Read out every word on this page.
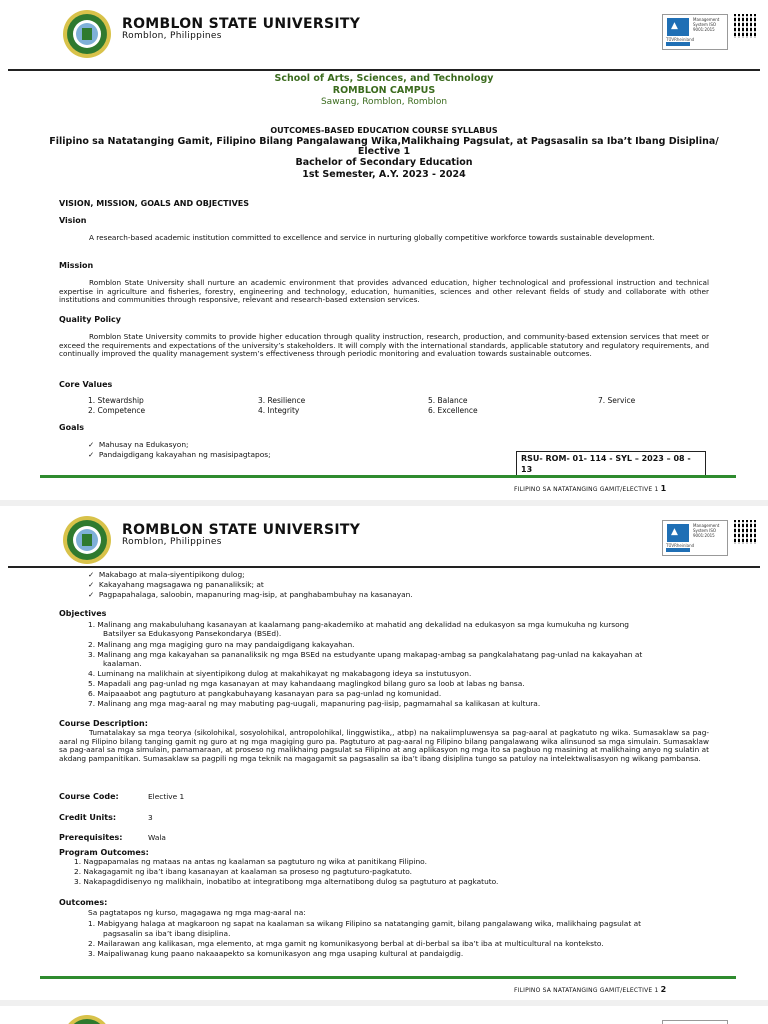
ROMBLON STATE UNIVERSITY
Romblon, Philippines
▲
TÜVRheinland
Management System ISO 9001:2015
School of Arts, Sciences, and Technology
ROMBLON CAMPUS
Sawang, Romblon, Romblon
OUTCOMES-BASED EDUCATION COURSE SYLLABUS
Filipino sa Natatanging Gamit, Filipino Bilang Pangalawang Wika,Malikhaing Pagsulat, at Pagsasalin sa Iba’t Ibang Disiplina/
Elective 1
Bachelor of Secondary Education
1st Semester, A.Y. 2023 - 2024
VISION, MISSION, GOALS AND OBJECTIVES
Vision
A research-based academic institution committed to excellence and service in nurturing globally competitive workforce towards sustainable development.
Mission
Romblon State University shall nurture an academic environment that provides advanced education, higher technological and professional instruction and technical expertise in agriculture and fisheries, forestry, engineering and technology, education, humanities, sciences and other relevant fields of study and collaborate with other institutions and communities through responsive, relevant and research-based extension services.
Quality Policy
Romblon State University commits to provide higher education through quality instruction, research, production, and community-based extension services that meet or exceed the requirements and expectations of the university’s stakeholders. It will comply with the international standards, applicable statutory and regulatory requirements, and continually improved the quality management system’s effectiveness through periodic monitoring and evaluation towards sustainable outcomes.
Core Values
1. Stewardship
2. Competence
3. Resilience
4. Integrity
5. Balance
6. Excellence
7. Service
Goals
✓  Mahusay na Edukasyon;
✓  Pandaigdigang kakayahan ng masisipagtapos;	RSU- ROM- 01- 114 - SYL – 2023 – 08 - 13
FILIPINO SA NATATANGING GAMIT/ELECTIVE 1 1
ROMBLON STATE UNIVERSITY
Romblon, Philippines
▲
TÜVRheinland
Management System ISO 9001:2015
✓  Makabago at mala-siyentipikong dulog;
✓  Kakayahang magsagawa ng pananaliksik; at
✓  Pagpapahalaga, saloobin, mapanuring mag-isip, at panghabambuhay na kasanayan.
Objectives
1. Malinang ang makabuluhang kasanayan at kaalamang pang-akademiko at mahatid ang dekalidad na edukasyon sa mga kumukuha ng kursong
Batsilyer sa Edukasyong Pansekondarya (BSEd).
2. Malinang ang mga magiging guro na may pandaigdigang kakayahan.
3. Malinang ang mga kakayahan sa pananaliksik ng mga BSEd na estudyante upang makapag-ambag sa pangkalahatang pag-unlad na kakayahan at
kaalaman.
4. Luminang na malikhain at siyentipikong dulog at makahikayat ng makabagong ideya sa instutusyon.
5. Mapadali ang pag-unlad ng mga kasanayan at may kahandaang maglingkod bilang guro sa loob at labas ng bansa.
6. Maipaaabot ang pagtuturo at pangkabuhayang kasanayan para sa pag-unlad ng komunidad.
7. Malinang ang mga mag-aaral ng may mabuting pag-uugali, mapanuring pag-iisip, pagmamahal sa kalikasan at kultura.
Course Description:
Tumatalakay sa mga teorya (sikolohikal, sosyolohikal, antropolohikal, linggwistika,, atbp) na nakaiimpluwensya sa pag-aaral at pagkatuto ng wika. Sumasaklaw sa pag-aaral ng Filipino bilang tanging gamit ng guro at ng mga magiging guro pa. Pagtuturo at pag-aaral ng Filipino bilang pangalawang wika alinsunod sa mga simulain. Sumasaklaw sa pag-aaral sa mga simulain, pamamaraan, at proseso ng malikhaing pagsulat sa Filipino at ang aplikasyon ng mga ito sa pagbuo ng masining at malikhaing anyo ng sulatin at akdang pampanitikan. Sumasaklaw sa pagpili ng mga teknik na magagamit sa pagsasalin sa iba’t ibang disiplina tungo sa patuloy na intelektwalisasyon ng wikang pambansa.
Course Code:	Elective 1
Credit Units:	3
Prerequisites:	Wala
Program Outcomes:
1. Nagpapamalas ng mataas na antas ng kaalaman sa pagtuturo ng wika at panitikang Filipino.
2. Nakagagamit ng iba’t ibang kasanayan at kaalaman sa proseso ng pagtuturo-pagkatuto.
3. Nakapagdidisenyo ng malikhain, inobatibo at integratibong mga alternatibong dulog sa pagtuturo at pagkatuto.
Outcomes:
Sa pagtatapos ng kurso, magagawa ng mga mag-aaral na:
1. Mabigyang halaga at magkaroon ng sapat na kaalaman sa wikang Filipino sa natatanging gamit, bilang pangalawang wika, malikhaing pagsulat at
pagsasalin sa iba’t ibang disiplina.
2. Mailarawan ang kalikasan, mga elemento, at mga gamit ng komunikasyong berbal at di-berbal sa iba’t iba at multicultural na konteksto.
3. Maipaliwanag kung paano nakaaapekto sa komunikasyon ang mga usaping kultural at pandaigdig.
FILIPINO SA NATATANGING GAMIT/ELECTIVE 1 2
